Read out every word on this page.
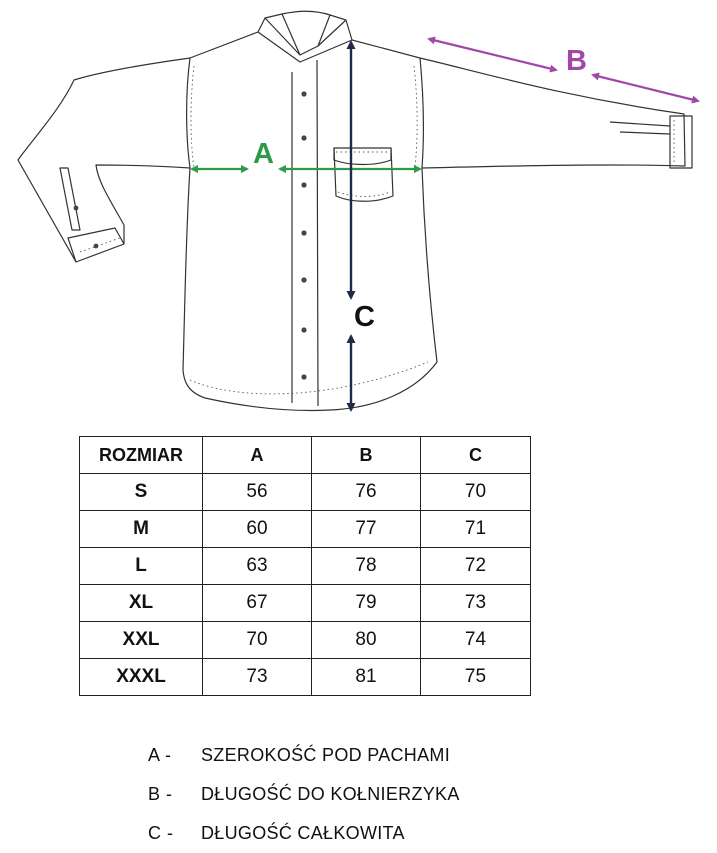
A
B
C
ROZMIAR	A	B	C
S	56	76	70
M	60	77	71
L	63	78	72
XL	67	79	73
XXL	70	80	74
XXXL	73	81	75
A -	SZEROKOŚĆ POD PACHAMI
B -	DŁUGOŚĆ DO KOŁNIERZYKA
C -	DŁUGOŚĆ CAŁKOWITA
